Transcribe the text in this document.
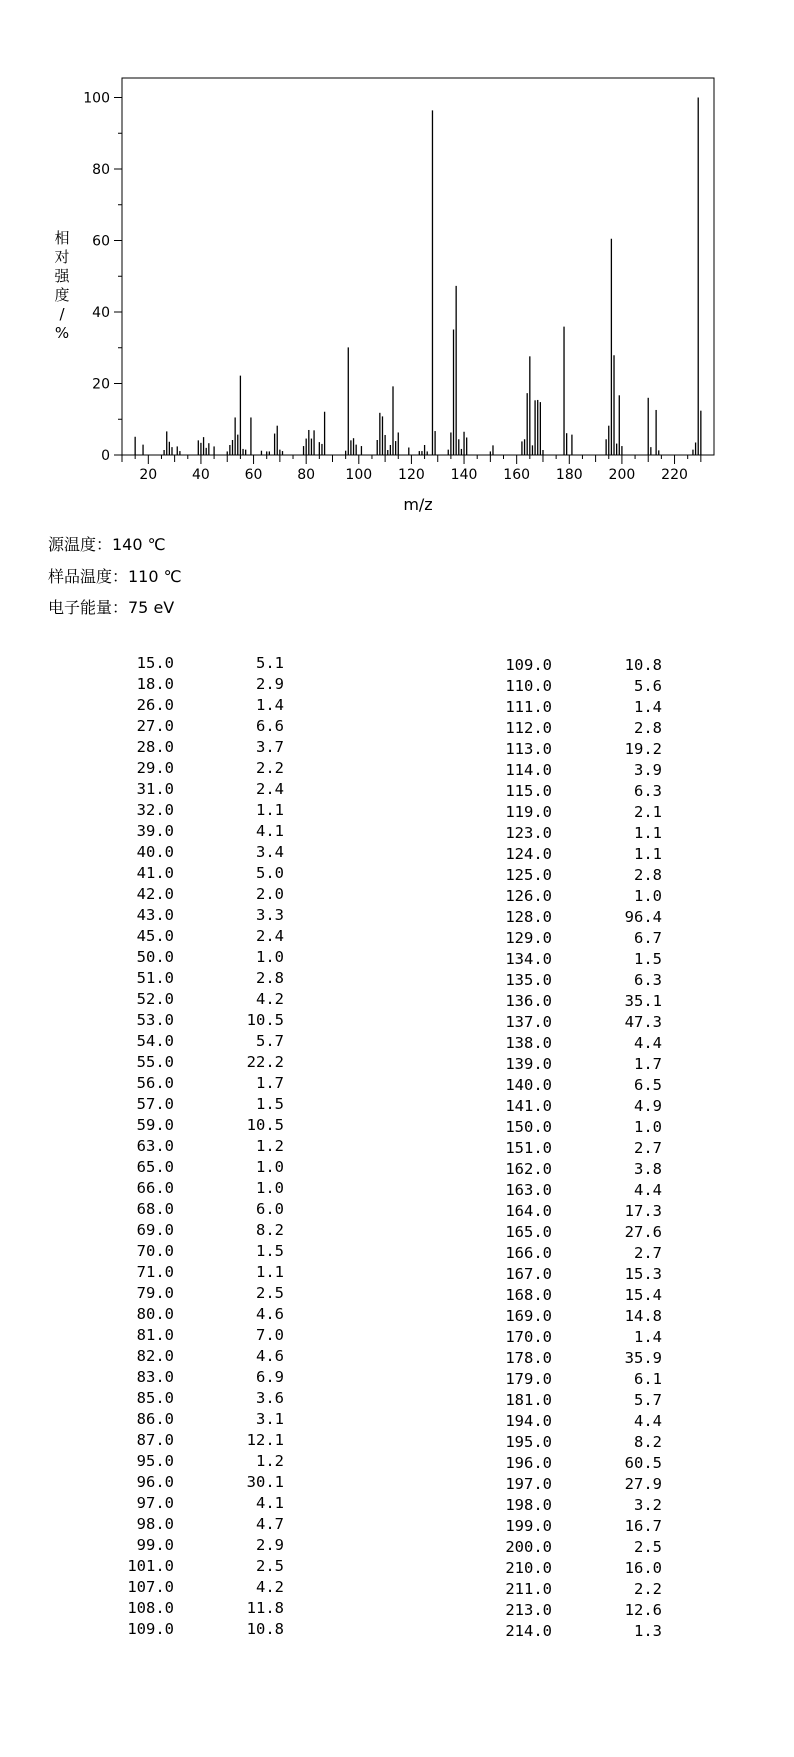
0
20
40
60
80
100
20 40 60 80 100 120 140 160 180 200 220
m/z
相对强度/ %
源温度：140 ℃
样品温度：110 ℃
电子能量：75 eV
15.0	5.1
18.0	2.9
26.0	1.4
27.0	6.6
28.0	3.7
29.0	2.2
31.0	2.4
32.0	1.1
39.0	4.1
40.0	3.4
41.0	5.0
42.0	2.0
43.0	3.3
45.0	2.4
50.0	1.0
51.0	2.8
52.0	4.2
53.0	10.5
54.0	5.7
55.0	22.2
56.0	1.7
57.0	1.5
59.0	10.5
63.0	1.2
65.0	1.0
66.0	1.0
68.0	6.0
69.0	8.2
70.0	1.5
71.0	1.1
79.0	2.5
80.0	4.6
81.0	7.0
82.0	4.6
83.0	6.9
85.0	3.6
86.0	3.1
87.0	12.1
95.0	1.2
96.0	30.1
97.0	4.1
98.0	4.7
99.0	2.9
101.0	2.5
107.0	4.2
108.0	11.8
109.0	10.8
109.0	10.8
110.0	5.6
111.0	1.4
112.0	2.8
113.0	19.2
114.0	3.9
115.0	6.3
119.0	2.1
123.0	1.1
124.0	1.1
125.0	2.8
126.0	1.0
128.0	96.4
129.0	6.7
134.0	1.5
135.0	6.3
136.0	35.1
137.0	47.3
138.0	4.4
139.0	1.7
140.0	6.5
141.0	4.9
150.0	1.0
151.0	2.7
162.0	3.8
163.0	4.4
164.0	17.3
165.0	27.6
166.0	2.7
167.0	15.3
168.0	15.4
169.0	14.8
170.0	1.4
178.0	35.9
179.0	6.1
181.0	5.7
194.0	4.4
195.0	8.2
196.0	60.5
197.0	27.9
198.0	3.2
199.0	16.7
200.0	2.5
210.0	16.0
211.0	2.2
213.0	12.6
214.0	1.3
